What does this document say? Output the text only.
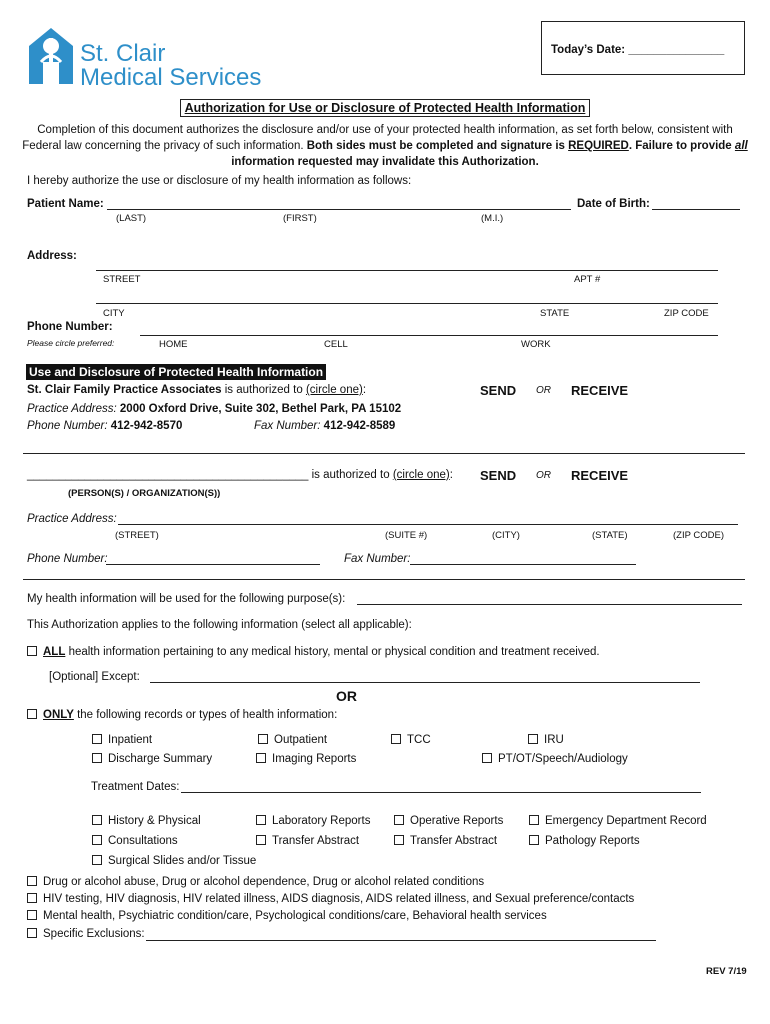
St. Clair
Medical Services
Today’s Date: _______________
Authorization for Use or Disclosure of Protected Health Information
Completion of this document authorizes the disclosure and/or use of your protected health information, as set forth below, consistent with
Federal law concerning the privacy of such information. Both sides must be completed and signature is REQUIRED. Failure to provide all
information requested may invalidate this Authorization.
I hereby authorize the use or disclosure of my health information as follows:
Patient Name:	Date of Birth:
(LAST)	(FIRST)	(M.I.)
Address:
STREET	APT #
CITY	STATE	ZIP CODE
Phone Number:
Please circle preferred:	HOME	CELL	WORK
Use and Disclosure of Protected Health Information
St. Clair Family Practice Associates is authorized to (circle one):	SEND OR RECEIVE
Practice Address: 2000 Oxford Drive, Suite 302, Bethel Park, PA 15102
Phone Number: 412-942-8570	Fax Number: 412-942-8589
____________________________________________ is authorized to (circle one): SEND OR RECEIVE
(PERSON(S) / ORGANIZATION(S))
Practice Address:
(STREET)	(SUITE #)	(CITY)	(STATE)	(ZIP CODE)
Phone Number:	Fax Number:
My health information will be used for the following purpose(s):
This Authorization applies to the following information (select all applicable):
ALL health information pertaining to any medical history, mental or physical condition and treatment received.
[Optional] Except:
OR
ONLY the following records or types of health information:
Inpatient	Outpatient	TCC	IRU
Discharge Summary	Imaging Reports	PT/OT/Speech/Audiology
Treatment Dates:
History & Physical	Laboratory Reports	Operative Reports	Emergency Department Record
Consultations	Transfer Abstract	Transfer Abstract	Pathology Reports
Surgical Slides and/or Tissue
Drug or alcohol abuse, Drug or alcohol dependence, Drug or alcohol related conditions
HIV testing, HIV diagnosis, HIV related illness, AIDS diagnosis, AIDS related illness, and Sexual preference/contacts
Mental health, Psychiatric condition/care, Psychological conditions/care, Behavioral health services
Specific Exclusions:
REV 7/19
